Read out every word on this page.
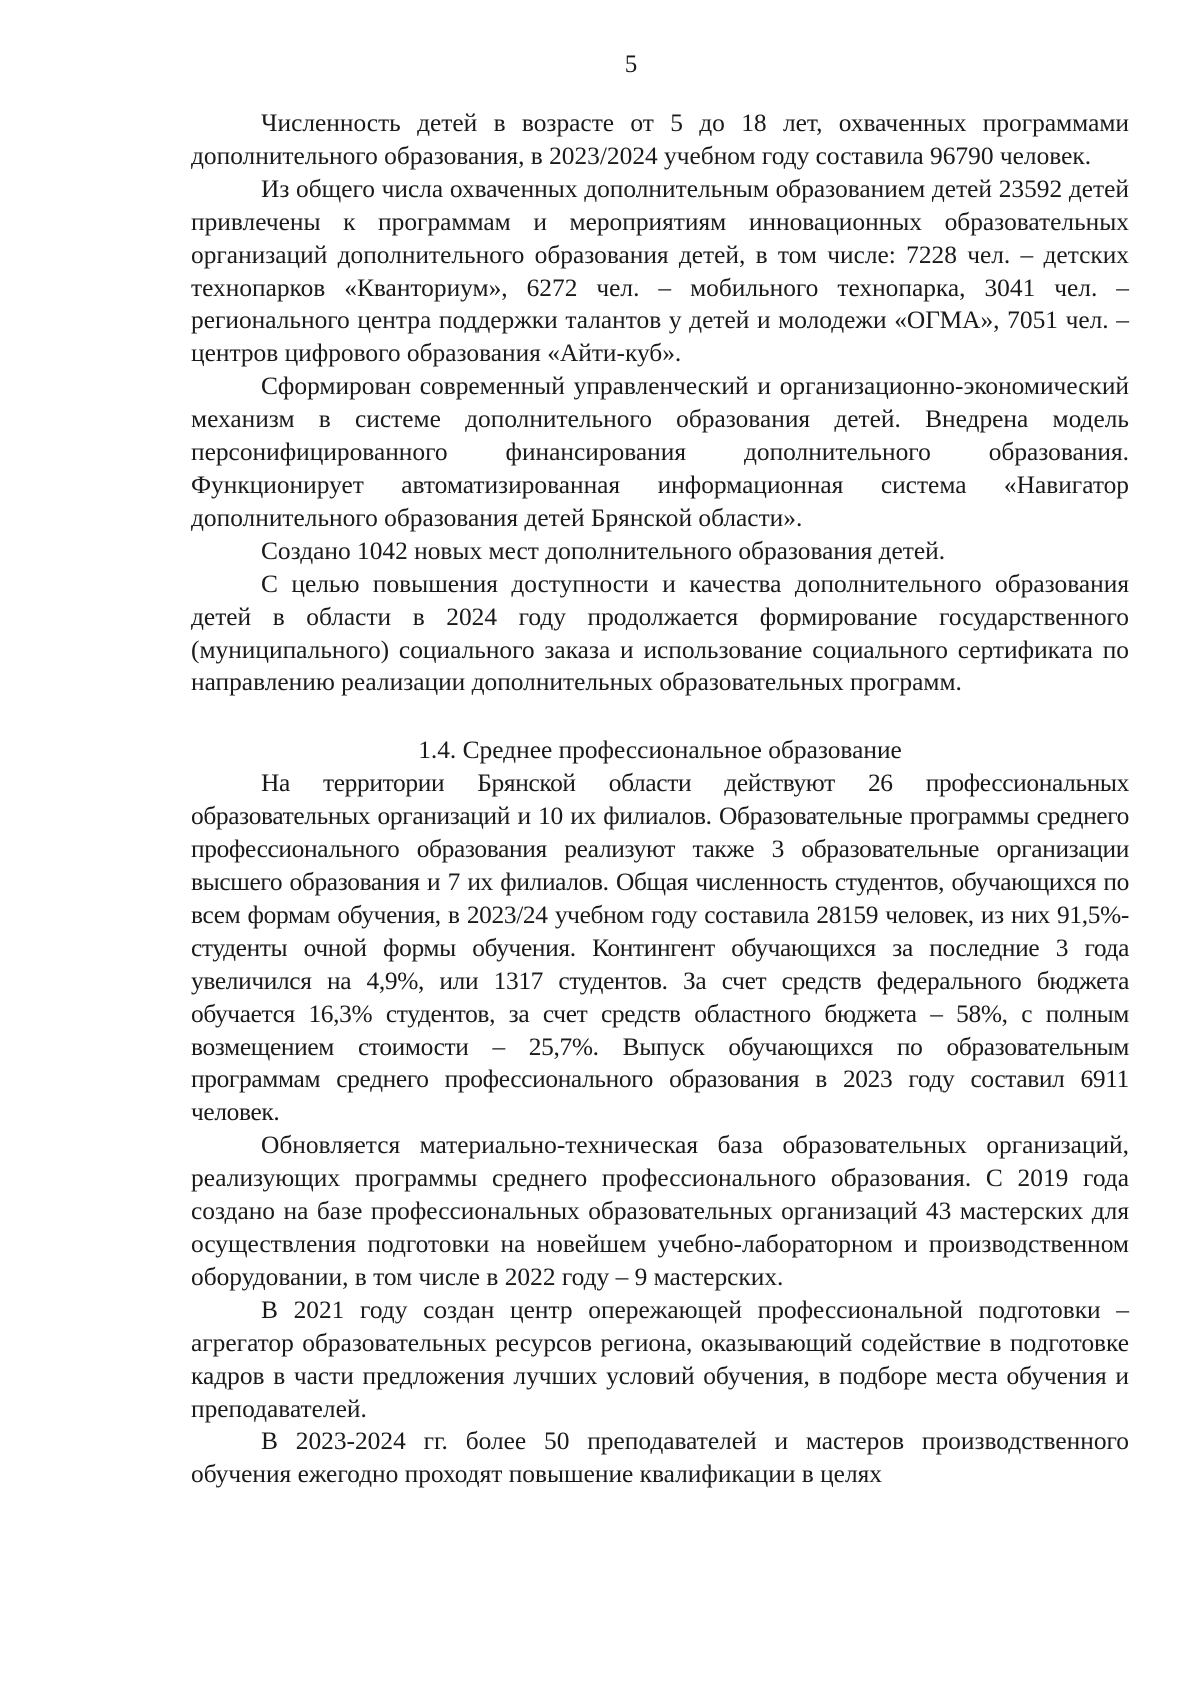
5

Численность детей в возрасте от 5 до 18 лет, охваченных программами дополнительного образования, в 2023/2024 учебном году составила 96790 человек.

Из общего числа охваченных дополнительным образованием детей 23592 детей привлечены к программам и мероприятиям инновационных образовательных организаций дополнительного образования детей, в том числе: 7228 чел. – детских технопарков «Кванториум», 6272 чел. – мобильного технопарка, 3041 чел. – регионального центра поддержки талантов у детей и молодежи «ОГМА», 7051 чел. – центров цифрового образования «Айти-куб».

Сформирован современный управленческий и организационно-экономический механизм в системе дополнительного образования детей. Внедрена модель персонифицированного финансирования дополнительного образования. Функционирует автоматизированная информационная система «Навигатор дополнительного образования детей Брянской области».

Создано 1042 новых мест дополнительного образования детей.

С целью повышения доступности и качества дополнительного образования детей в области в 2024 году продолжается формирование государственного (муниципального) социального заказа и использование социального сертификата по направлению реализации дополнительных образовательных программ.

1.4. Среднее профессиональное образование

На территории Брянской области действуют 26 профессиональных образовательных организаций и 10 их филиалов. Образовательные программы среднего профессионального образования реализуют также 3 образовательные организации высшего образования и 7 их филиалов. Общая численность студентов, обучающихся по всем формам обучения, в 2023/24 учебном году составила 28159 человек, из них 91,5%- студенты очной формы обучения. Контингент обучающихся за последние 3 года увеличился на 4,9%, или 1317 студентов. За счет средств федерального бюджета обучается 16,3% студентов, за счет средств областного бюджета – 58%, с полным возмещением стоимости – 25,7%. Выпуск обучающихся по образовательным программам среднего профессионального образования в 2023 году составил 6911 человек.

Обновляется материально-техническая база образовательных организаций, реализующих программы среднего профессионального образования. С 2019 года создано на базе профессиональных образовательных организаций 43 мастерских для осуществления подготовки на новейшем учебно-лабораторном и производственном оборудовании, в том числе в 2022 году – 9 мастерских.

В 2021 году создан центр опережающей профессиональной подготовки – агрегатор образовательных ресурсов региона, оказывающий содействие в подготовке кадров в части предложения лучших условий обучения, в подборе места обучения и преподавателей.

В 2023-2024 гг. более 50 преподавателей и мастеров производственного обучения ежегодно проходят повышение квалификации в целях
